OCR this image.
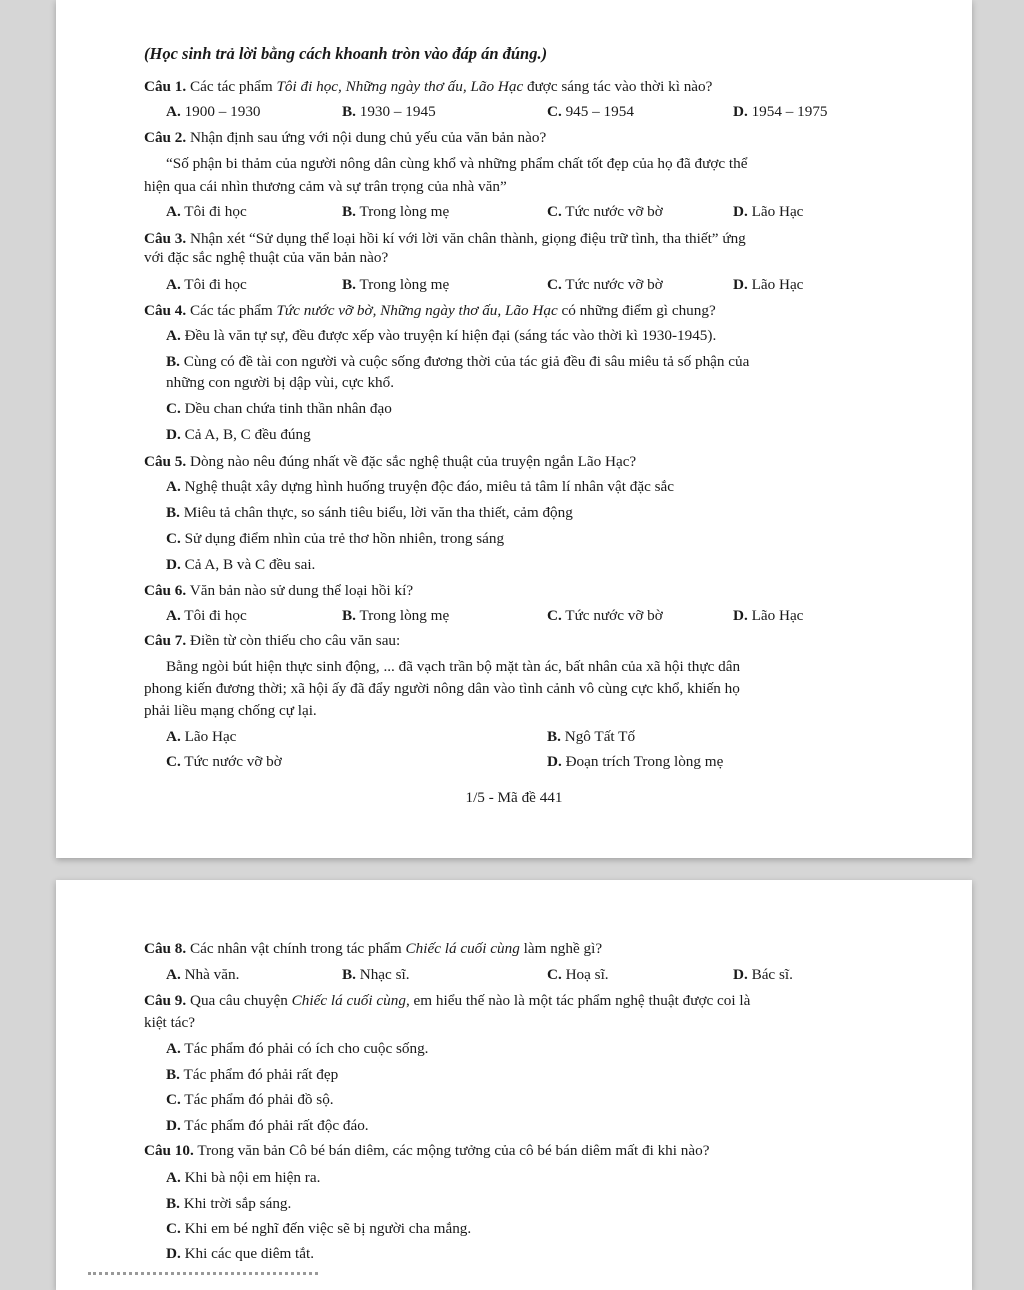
(Học sinh trả lời bằng cách khoanh tròn vào đáp án đúng.)
Câu 1. Các tác phẩm Tôi đi học, Những ngày thơ ấu, Lão Hạc được sáng tác vào thời kì nào?
A. 1900 – 1930	B. 1930 – 1945	C. 945 – 1954	D. 1954 – 1975
Câu 2. Nhận định sau ứng với nội dung chủ yếu của văn bản nào?
“Số phận bi thảm của người nông dân cùng khổ và những phẩm chất tốt đẹp của họ đã được thể
hiện qua cái nhìn thương cảm và sự trân trọng của nhà văn”
A. Tôi đi học	B. Trong lòng mẹ	C. Tức nước vỡ bờ	D. Lão Hạc
Câu 3. Nhận xét “Sử dụng thể loại hồi kí với lời văn chân thành, giọng điệu trữ tình, tha thiết” ứng
với đặc sắc nghệ thuật của văn bản nào?
A. Tôi đi học	B. Trong lòng mẹ	C. Tức nước vỡ bờ	D. Lão Hạc
Câu 4. Các tác phẩm Tức nước vỡ bờ, Những ngày thơ ấu, Lão Hạc có những điểm gì chung?
A. Đều là văn tự sự, đều được xếp vào truyện kí hiện đại (sáng tác vào thời kì 1930-1945).
B. Cùng có đề tài con người và cuộc sống đương thời của tác giả đều đi sâu miêu tả số phận của
những con người bị dập vùi, cực khổ.
C. Dều chan chứa tinh thần nhân đạo
D. Cả A, B, C đều đúng
Câu 5. Dòng nào nêu đúng nhất về đặc sắc nghệ thuật của truyện ngắn Lão Hạc?
A. Nghệ thuật xây dựng hình huống truyện độc đáo, miêu tả tâm lí nhân vật đặc sắc
B. Miêu tả chân thực, so sánh tiêu biểu, lời văn tha thiết, cảm động
C. Sử dụng điểm nhìn của trẻ thơ hồn nhiên, trong sáng
D. Cả A, B và C đều sai.
Câu 6. Văn bản nào sử dung thể loại hồi kí?
A. Tôi đi học	B. Trong lòng mẹ	C. Tức nước vỡ bờ	D. Lão Hạc
Câu 7. Điền từ còn thiếu cho câu văn sau:
Bằng ngòi bút hiện thực sinh động, ... đã vạch trần bộ mặt tàn ác, bất nhân của xã hội thực dân
phong kiến đương thời; xã hội ấy đã đẩy người nông dân vào tình cảnh vô cùng cực khổ, khiến họ
phải liều mạng chống cự lại.
A. Lão Hạc	B. Ngô Tất Tố
C. Tức nước vỡ bờ	D. Đoạn trích Trong lòng mẹ
1/5 - Mã đề 441
Câu 8. Các nhân vật chính trong tác phẩm Chiếc lá cuối cùng làm nghề gì?
A. Nhà văn.	B. Nhạc sĩ.	C. Hoạ sĩ.	D. Bác sĩ.
Câu 9. Qua câu chuyện Chiếc lá cuối cùng, em hiểu thế nào là một tác phẩm nghệ thuật được coi là
kiệt tác?
A. Tác phẩm đó phải có ích cho cuộc sống.
B. Tác phẩm đó phải rất đẹp
C. Tác phẩm đó phải đồ sộ.
D. Tác phẩm đó phải rất độc đáo.
Câu 10. Trong văn bản Cô bé bán diêm, các mộng tưởng của cô bé bán diêm mất đi khi nào?
A. Khi bà nội em hiện ra.
B. Khi trời sắp sáng.
C. Khi em bé nghĩ đến việc sẽ bị người cha mắng.
D. Khi các que diêm tắt.
